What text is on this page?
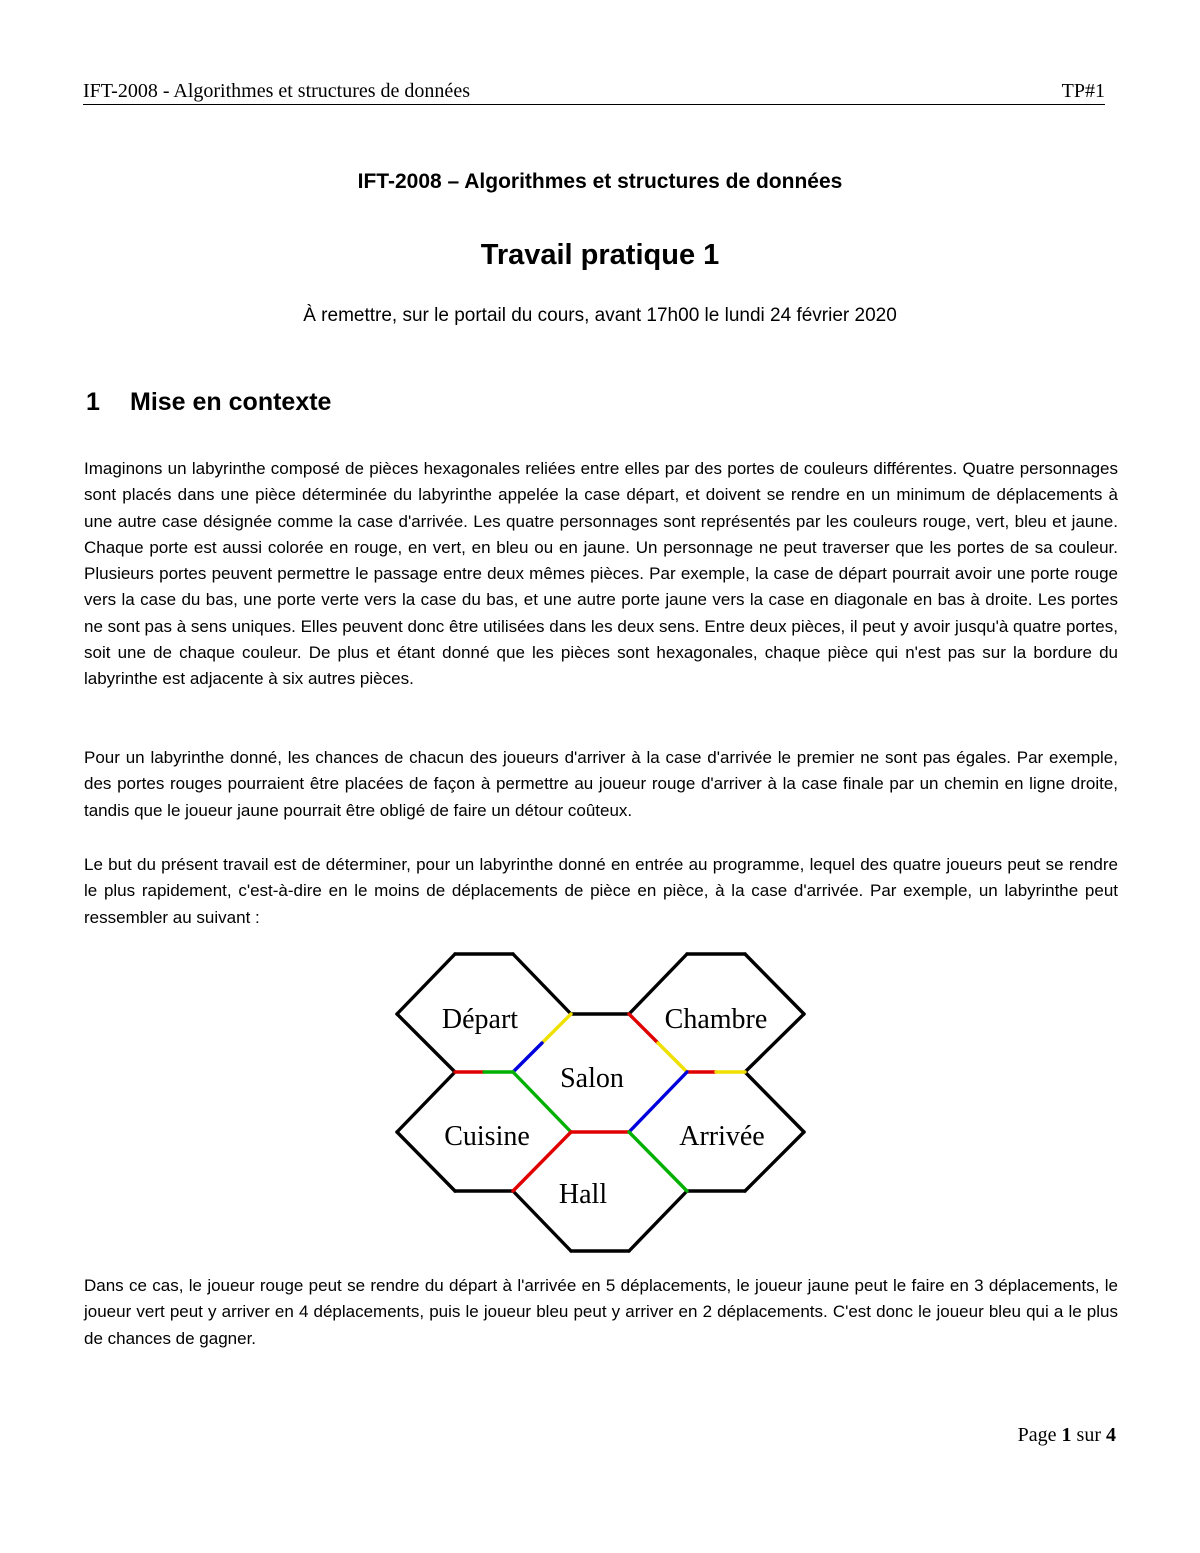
IFT-2008 - Algorithmes et structures de données	TP#1
IFT-2008 – Algorithmes et structures de données
Travail pratique 1
À remettre, sur le portail du cours, avant 17h00 le lundi 24 février 2020
1 Mise en contexte
Imaginons un labyrinthe composé de pièces hexagonales reliées entre elles par des portes de couleurs différentes. Quatre personnages sont placés dans une pièce déterminée du labyrinthe appelée la case départ, et doivent se rendre en un minimum de déplacements à une autre case désignée comme la case d'arrivée. Les quatre personnages sont représentés par les couleurs rouge, vert, bleu et jaune. Chaque porte est aussi colorée en rouge, en vert, en bleu ou en jaune. Un personnage ne peut traverser que les portes de sa couleur. Plusieurs portes peuvent permettre le passage entre deux mêmes pièces. Par exemple, la case de départ pourrait avoir une porte rouge vers la case du bas, une porte verte vers la case du bas, et une autre porte jaune vers la case en diagonale en bas à droite. Les portes ne sont pas à sens uniques. Elles peuvent donc être utilisées dans les deux sens. Entre deux pièces, il peut y avoir jusqu'à quatre portes, soit une de chaque couleur. De plus et étant donné que les pièces sont hexagonales, chaque pièce qui n'est pas sur la bordure du labyrinthe est adjacente à six autres pièces.
Pour un labyrinthe donné, les chances de chacun des joueurs d'arriver à la case d'arrivée le premier ne sont pas égales. Par exemple, des portes rouges pourraient être placées de façon à permettre au joueur rouge d'arriver à la case finale par un chemin en ligne droite, tandis que le joueur jaune pourrait être obligé de faire un détour coûteux.
Le but du présent travail est de déterminer, pour un labyrinthe donné en entrée au programme, lequel des quatre joueurs peut se rendre le plus rapidement, c'est-à-dire en le moins de déplacements de pièce en pièce, à la case d'arrivée. Par exemple, un labyrinthe peut ressembler au suivant :
Départ	Chambre
Salon
Cuisine	Arrivée
Hall
Dans ce cas, le joueur rouge peut se rendre du départ à l'arrivée en 5 déplacements, le joueur jaune peut le faire en 3 déplacements, le joueur vert peut y arriver en 4 déplacements, puis le joueur bleu peut y arriver en 2 déplacements. C'est donc le joueur bleu qui a le plus de chances de gagner.
Page 1 sur 4
